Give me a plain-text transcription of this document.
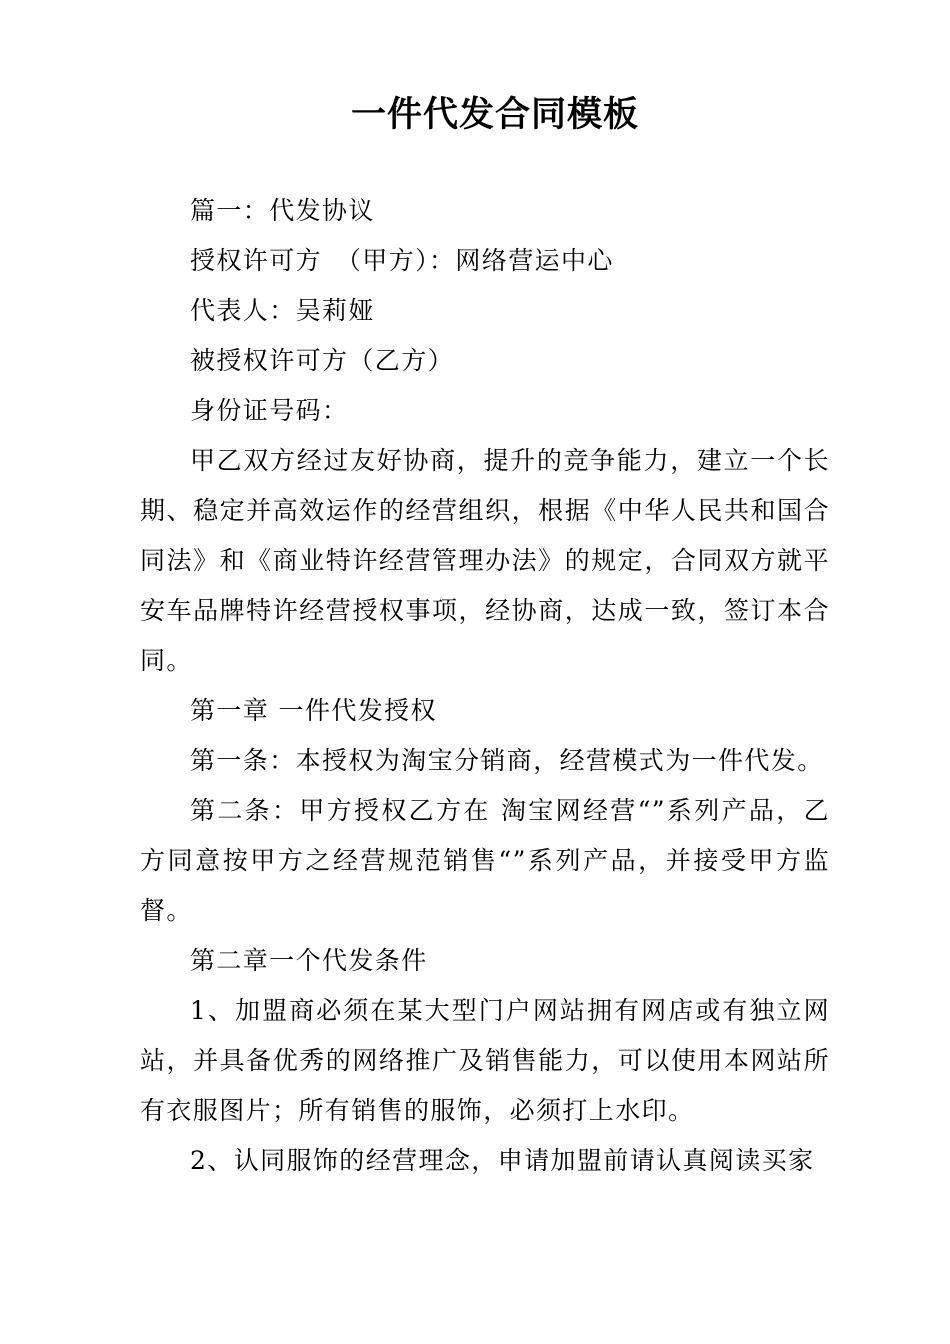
一件代发合同模板

篇一：代发协议

授权许可方　（甲方）：网络营运中心

代表人：吴莉娅

被授权许可方（乙方）

身份证号码：

甲乙双方经过友好协商，提升的竞争能力，建立一个长期、稳定并高效运作的经营组织，根据《中华人民共和国合同法》和《商业特许经营管理办法》的规定，合同双方就平安车品牌特许经营授权事项，经协商，达成一致，签订本合同。

第一章 一件代发授权

第一条：本授权为淘宝分销商，经营模式为一件代发。

第二条：甲方授权乙方在 淘宝网经营“”系列产品，乙方同意按甲方之经营规范销售“”系列产品，并接受甲方监督。

第二章一个代发条件

1、加盟商必须在某大型门户网站拥有网店或有独立网站，并具备优秀的网络推广及销售能力，可以使用本网站所有衣服图片；所有销售的服饰，必须打上水印。

2、认同服饰的经营理念，申请加盟前请认真阅读买家
